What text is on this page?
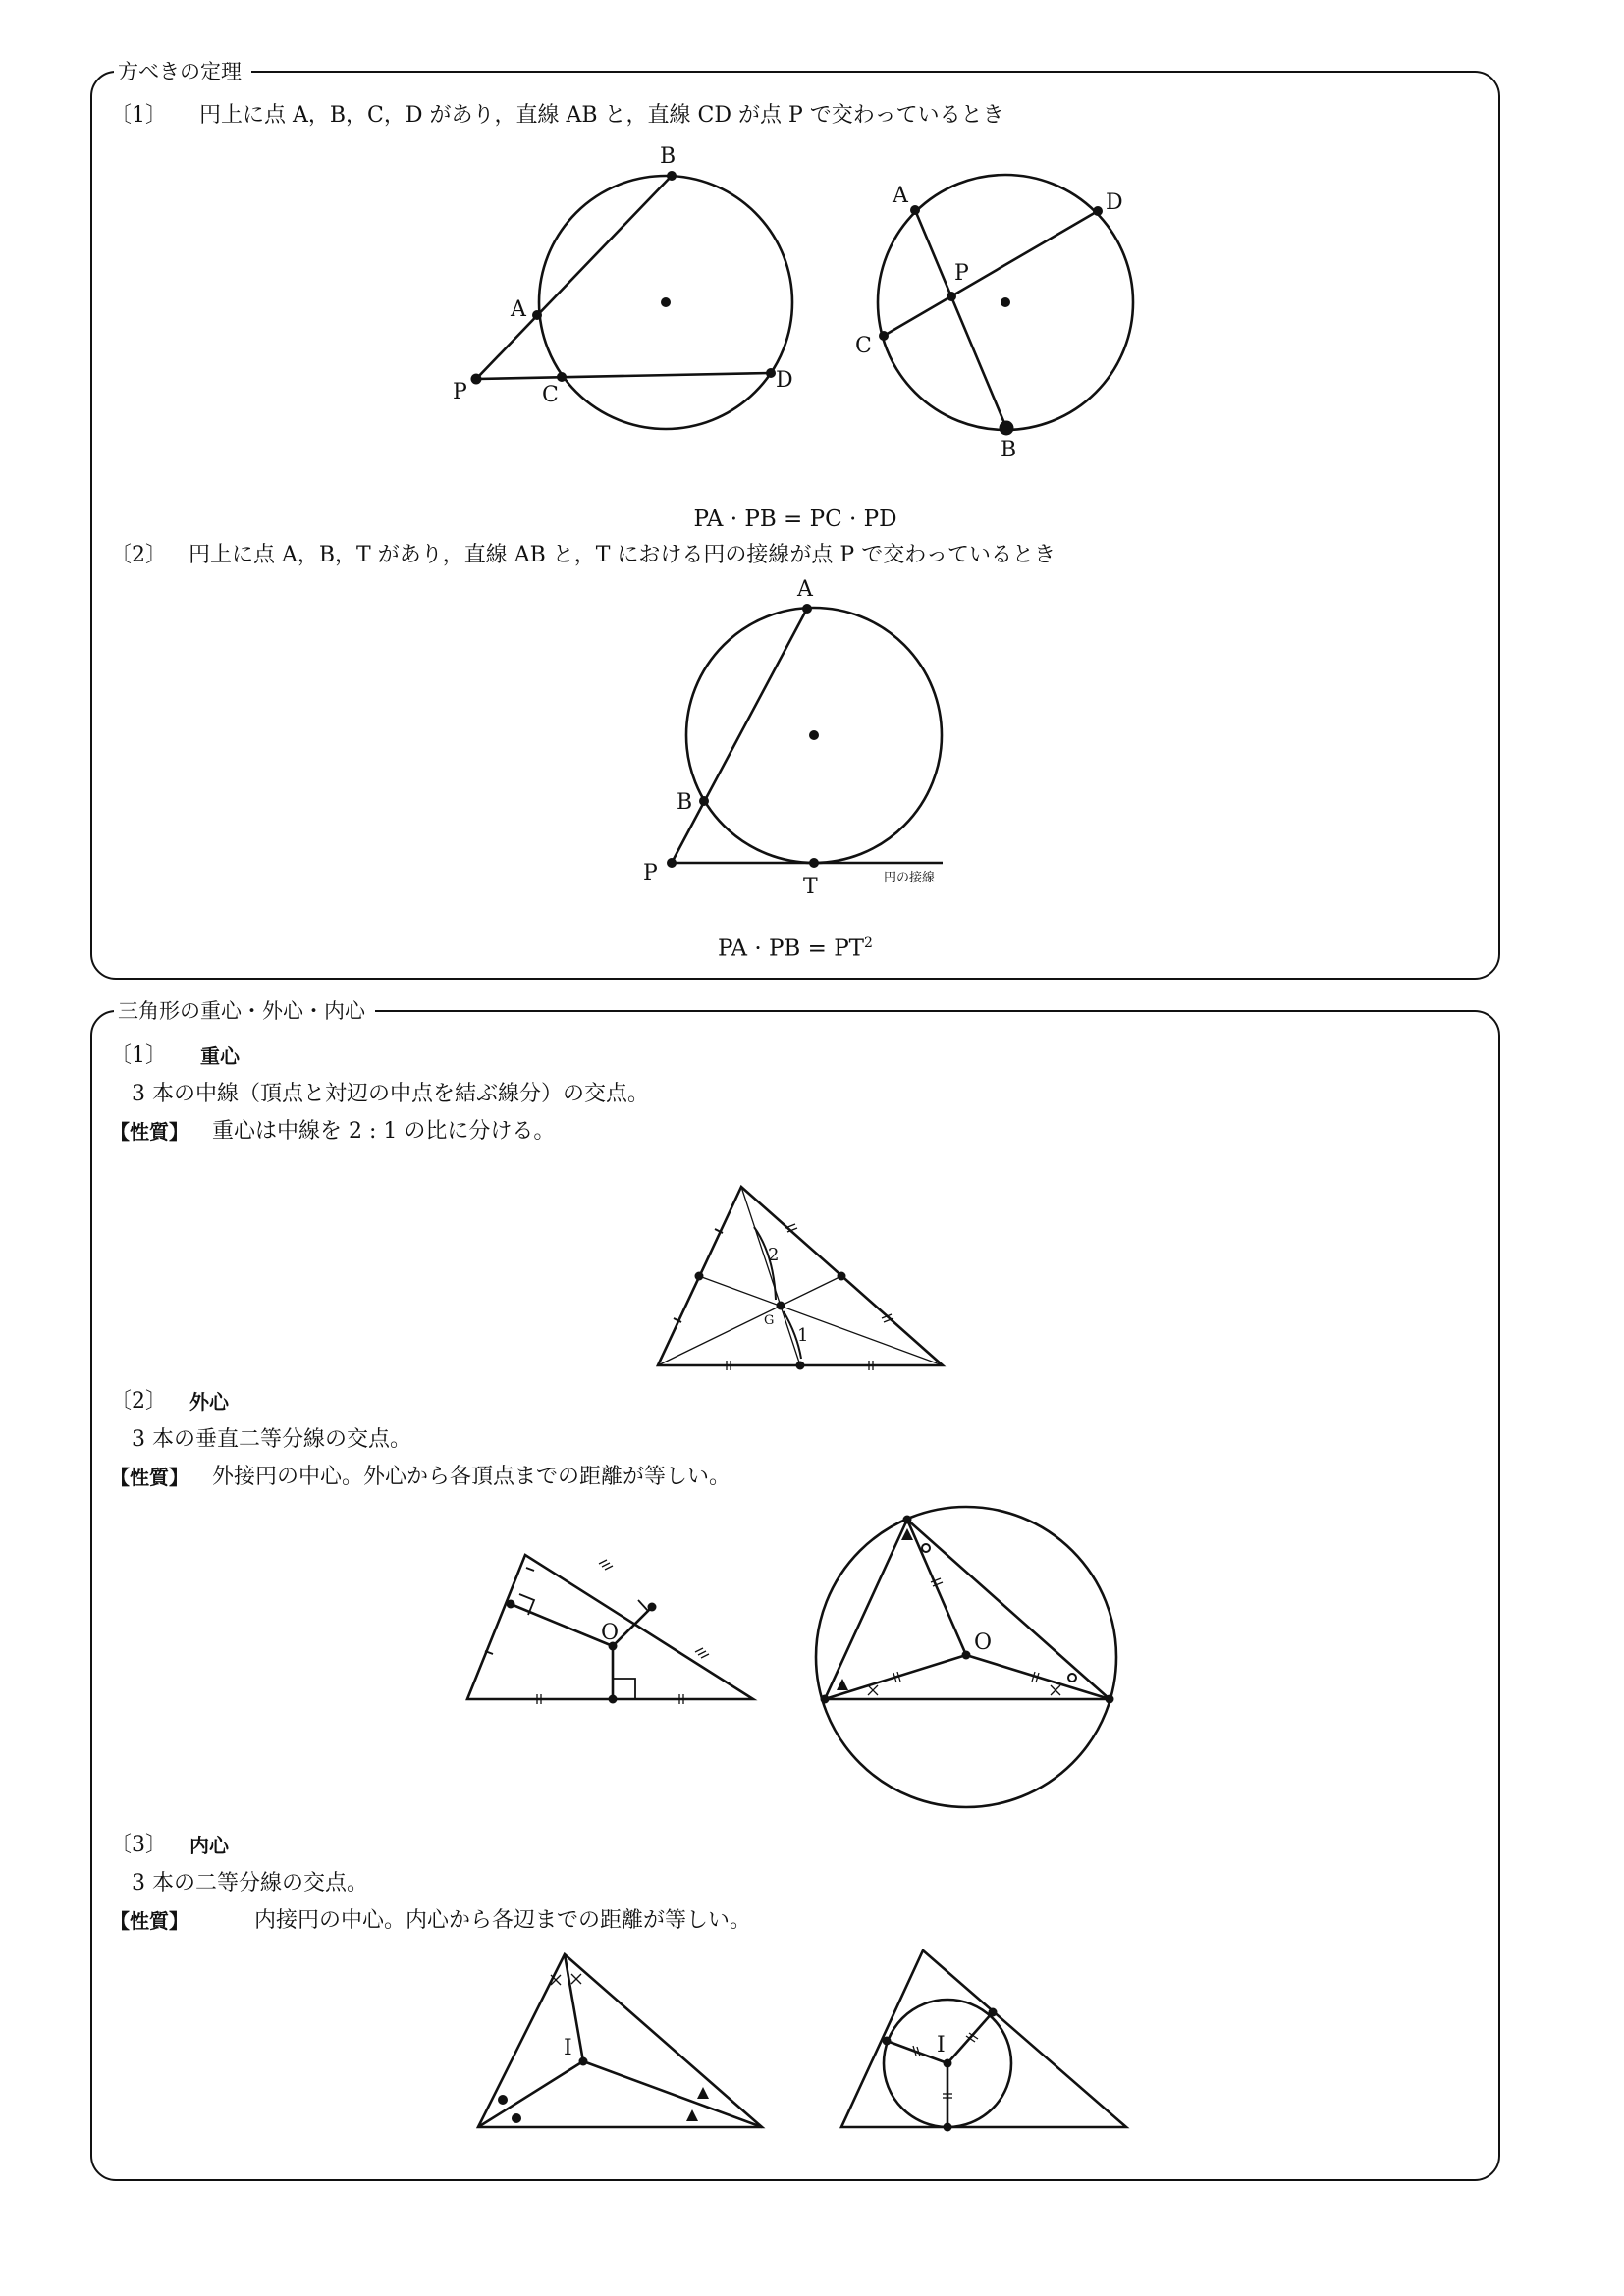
方べきの定理
〔1〕 円上に点 A，B，C，D があり，直線 AB と，直線 CD が点 P で交わっているとき
PA · PB = PC · PD
〔2〕 円上に点 A，B，T があり，直線 AB と，T における円の接線が点 P で交わっているとき
PA · PB = $PT^2$
三角形の重心・外心・内心
〔1〕 重心
3 本の中線（頂点と対辺の中点を結ぶ線分）の交点。
【性質】 重心は中線を 2 : 1 の比に分ける。
〔2〕 外心
3 本の垂直二等分線の交点。
【性質】 外接円の中心。外心から各頂点までの距離が等しい。
〔3〕 内心
3 本の二等分線の交点。
【性質】	内接円の中心。内心から各辺までの距離が等しい。
B
A
P	C
D
A	D
P
C
B
A
B
P
T	円の接線
2
1
G
O	O
I	I
